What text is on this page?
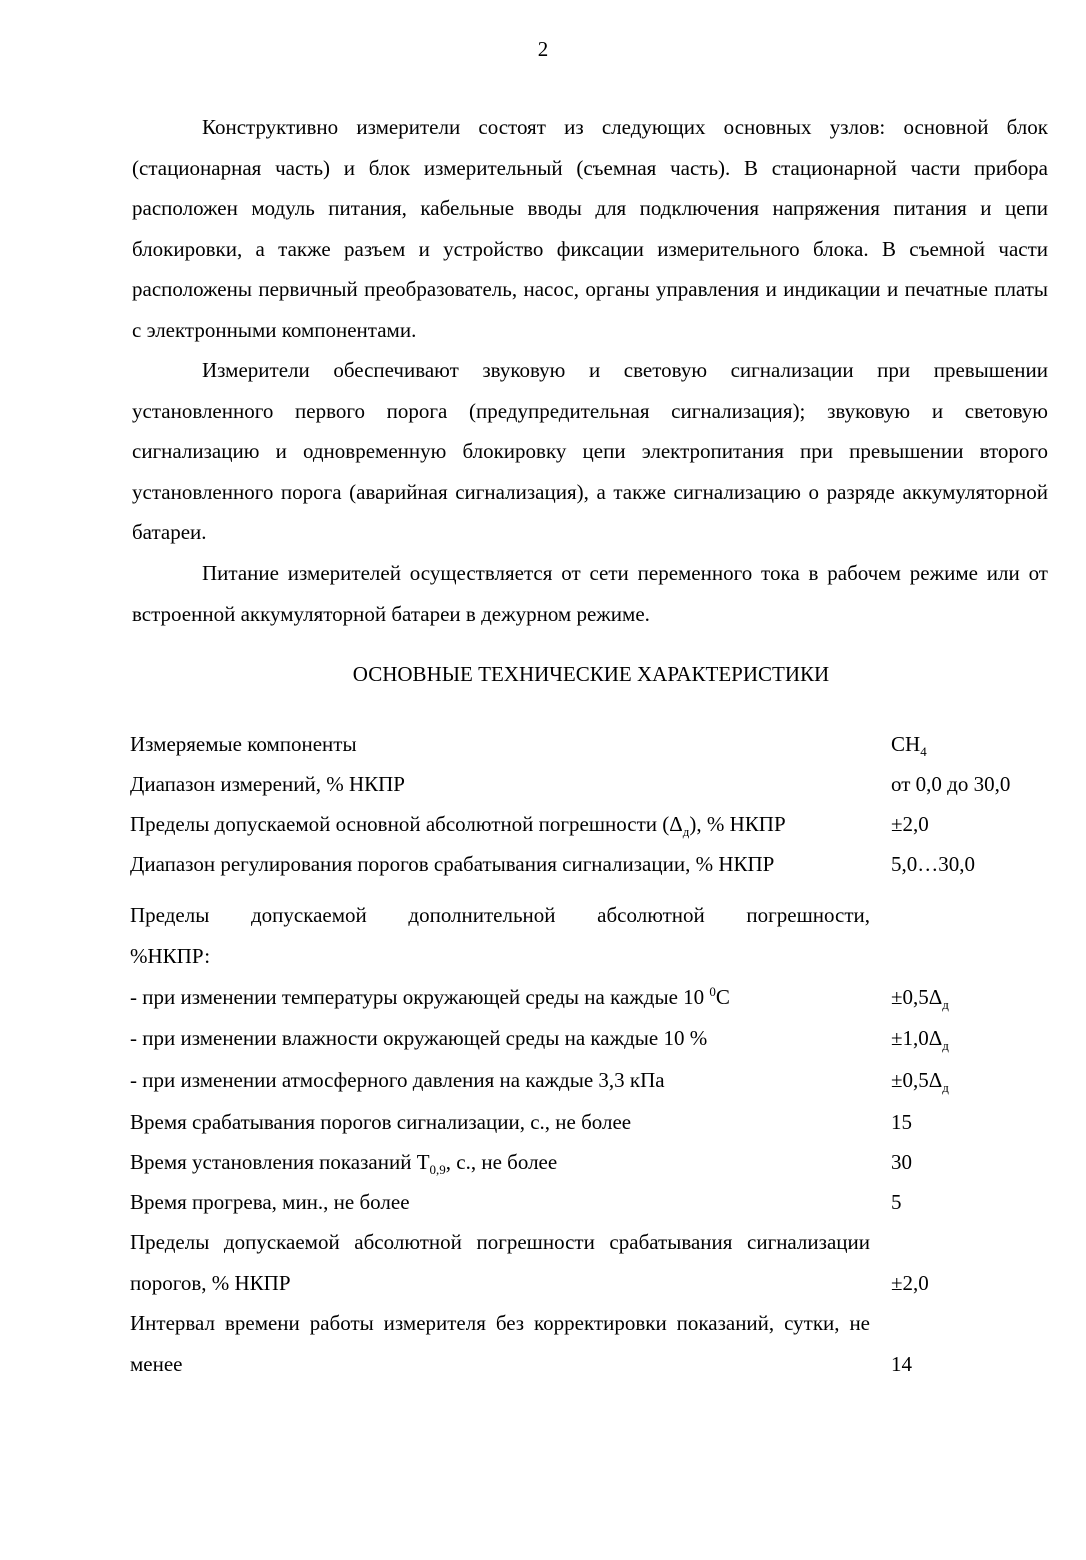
2

Конструктивно измерители состоят из следующих основных узлов: основной блок (стационарная часть) и блок измерительный (съемная часть). В стационарной части прибора расположен модуль питания, кабельные вводы для подключения напряжения питания и цепи блокировки, а также разъем и устройство фиксации измерительного блока. В съемной части расположены первичный преобразователь, насос, органы управления и индикации и печатные платы с электронными компонентами.

Измерители обеспечивают звуковую и световую сигнализации при превышении установленного первого порога (предупредительная сигнализация); звуковую и световую сигнализацию и одновременную блокировку цепи электропитания при превышении второго установленного порога (аварийная сигнализация), а также сигнализацию о разряде аккумуляторной батареи.

Питание измерителей осуществляется от сети переменного тока в рабочем режиме или от встроенной аккумуляторной батареи в дежурном режиме.

ОСНОВНЫЕ ТЕХНИЧЕСКИЕ ХАРАКТЕРИСТИКИ
Измеряемые компоненты	$CH_4$
Диапазон измерений, % НКПР	от 0,0 до 30,0
Пределы допускаемой основной абсолютной погрешности $(\Delta_д)$, % НКПР	±2,0
Диапазон регулирования порогов срабатывания сигнализации, % НКПР	5,0…30,0
Пределы допускаемой дополнительной абсолютной погрешности,
%НКПР:
- при изменении температуры окружающей среды на каждые 10 $^0$С	$\pm 0,5\Delta_д$
- при изменении влажности окружающей среды на каждые 10 %	$\pm 1,0\Delta_д$
- при изменении атмосферного давления на каждые 3,3 кПа	$\pm 0,5\Delta_д$
Время срабатывания порогов сигнализации, с., не более	15
Время установления показаний $Т_{0,9}$, с., не более	30
Время прогрева, мин., не более	5
Пределы допускаемой абсолютной погрешности срабатывания сигнализации порогов, % НКПР	±2,0
Интервал времени работы измерителя без корректировки показаний, сутки, не менее	14
